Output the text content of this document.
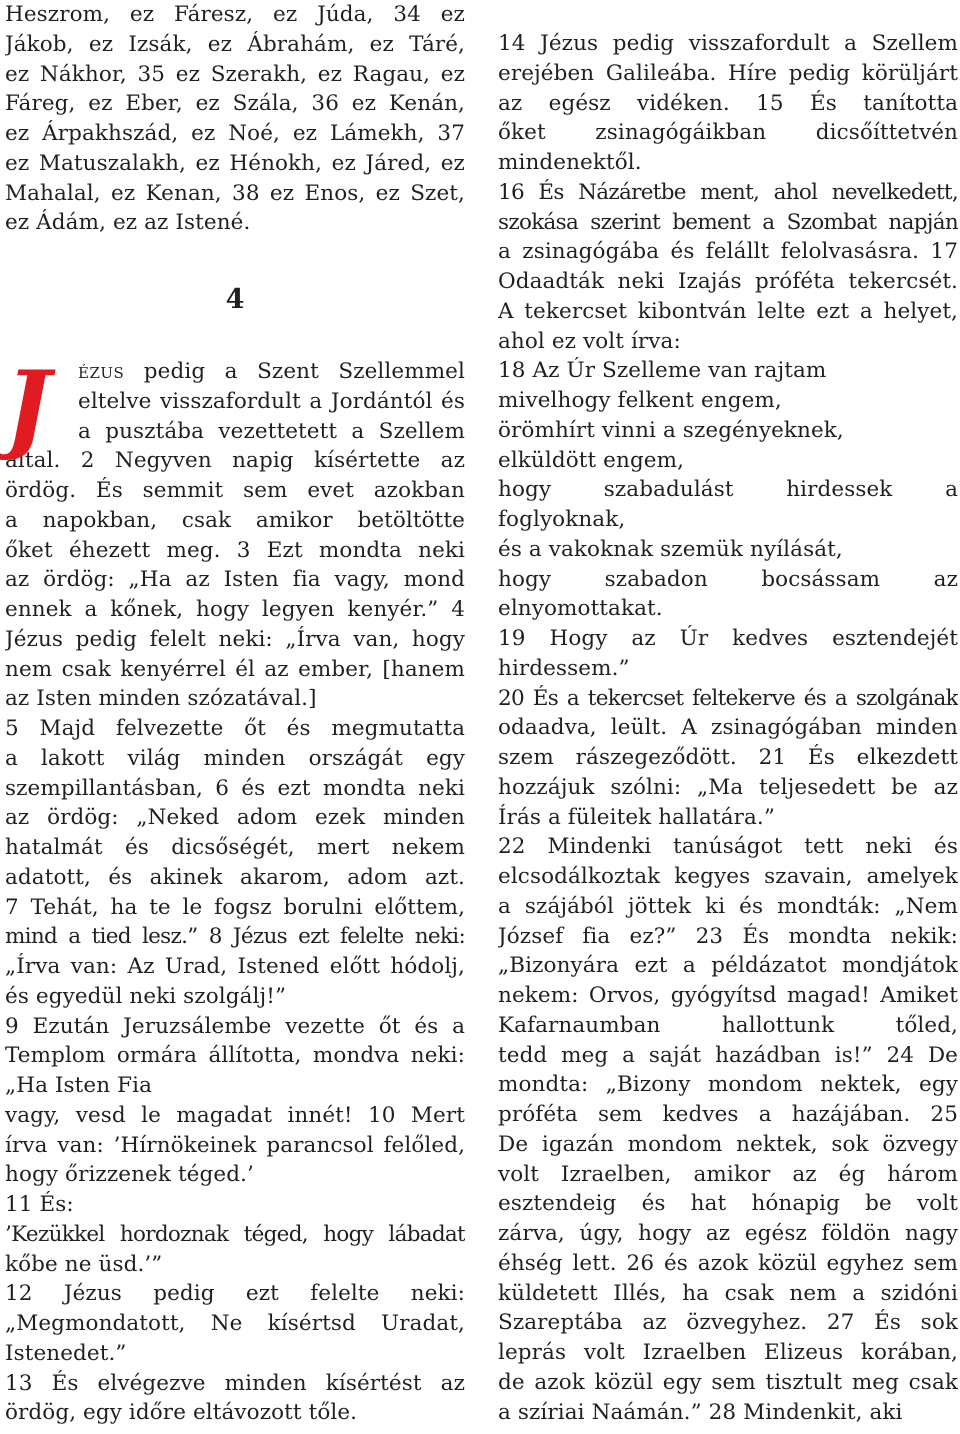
Heszrom, ez Fáresz, ez Júda, 34 ez
Jákob, ez Izsák, ez Ábrahám, ez Táré,
ez Nákhor, 35 ez Szerakh, ez Ragau, ez
Fáreg, ez Eber, ez Szála, 36 ez Kenán,
ez Árpakhszád, ez Noé, ez Lámekh, 37
ez Matuszalakh, ez Hénokh, ez Járed, ez
Mahalal, ez Kenan, 38 ez Enos, ez Szet,
ez Ádám, ez az Istené.
4
J	ÉZUS pedig a Szent Szellemmel
eltelve visszafordult a Jordántól és
a pusztába vezettetett a Szellem
által. 2 Negyven napig kísértette az
ördög. És semmit sem evet azokban
a napokban, csak amikor betöltötte
őket éhezett meg. 3 Ezt mondta neki
az ördög: „Ha az Isten fia vagy, mond
ennek a kőnek, hogy legyen kenyér.” 4
Jézus pedig felelt neki: „Írva van, hogy
nem csak kenyérrel él az ember, [hanem
az Isten minden szózatával.]
5 Majd felvezette őt és megmutatta
a lakott világ minden országát egy
szempillantásban, 6 és ezt mondta neki
az ördög: „Neked adom ezek minden
hatalmát és dicsőségét, mert nekem
adatott, és akinek akarom, adom azt.
7 Tehát, ha te le fogsz borulni előttem,
mind a tied lesz.” 8 Jézus ezt felelte neki:
„Írva van: Az Urad, Istened előtt hódolj,
és egyedül neki szolgálj!”
9 Ezután Jeruzsálembe vezette őt és a
Templom ormára állította, mondva neki:
„Ha Isten Fia
vagy, vesd le magadat innét! 10 Mert
írva van: ’Hírnökeinek parancsol felőled,
hogy őrizzenek téged.’
11 És:
’Kezükkel hordoznak téged, hogy lábadat
kőbe ne üsd.’”
12 Jézus pedig ezt felelte neki:
„Megmondatott, Ne kísértsd Uradat,
Istenedet.”
13 És elvégezve minden kísértést az
ördög, egy időre eltávozott tőle.
14 Jézus pedig visszafordult a Szellem
erejében Galileába. Híre pedig körüljárt
az egész vidéken. 15 És tanította
őket zsinagógáikban dicsőíttetvén
mindenektől.
16 És Názáretbe ment, ahol nevelkedett,
szokása szerint bement a Szombat napján
a zsinagógába és felállt felolvasásra. 17
Odaadták neki Izajás próféta tekercsét.
A tekercset kibontván lelte ezt a helyet,
ahol ez volt írva:
18 Az Úr Szelleme van rajtam
mivelhogy felkent engem,
örömhírt vinni a szegényeknek,
elküldött engem,
hogy szabadulást hirdessek a
foglyoknak,
és a vakoknak szemük nyílását,
hogy szabadon bocsássam az
elnyomottakat.
19 Hogy az Úr kedves esztendejét
hirdessem.”
20 És a tekercset feltekerve és a szolgának
odaadva, leült. A zsinagógában minden
szem rászegeződött. 21 És elkezdett
hozzájuk szólni: „Ma teljesedett be az
Írás a füleitek hallatára.”
22 Mindenki tanúságot tett neki és
elcsodálkoztak kegyes szavain, amelyek
a szájából jöttek ki és mondták: „Nem
József fia ez?” 23 És mondta nekik:
„Bizonyára ezt a példázatot mondjátok
nekem: Orvos, gyógyítsd magad! Amiket
Kafarnaumban hallottunk tőled,
tedd meg a saját hazádban is!” 24 De
mondta: „Bizony mondom nektek, egy
próféta sem kedves a hazájában. 25
De igazán mondom nektek, sok özvegy
volt Izraelben, amikor az ég három
esztendeig és hat hónapig be volt
zárva, úgy, hogy az egész földön nagy
éhség lett. 26 és azok közül egyhez sem
küldetett Illés, ha csak nem a szidóni
Szareptába az özvegyhez. 27 És sok
leprás volt Izraelben Elizeus korában,
de azok közül egy sem tisztult meg csak
a szíriai Naámán.” 28 Mindenkit, aki
